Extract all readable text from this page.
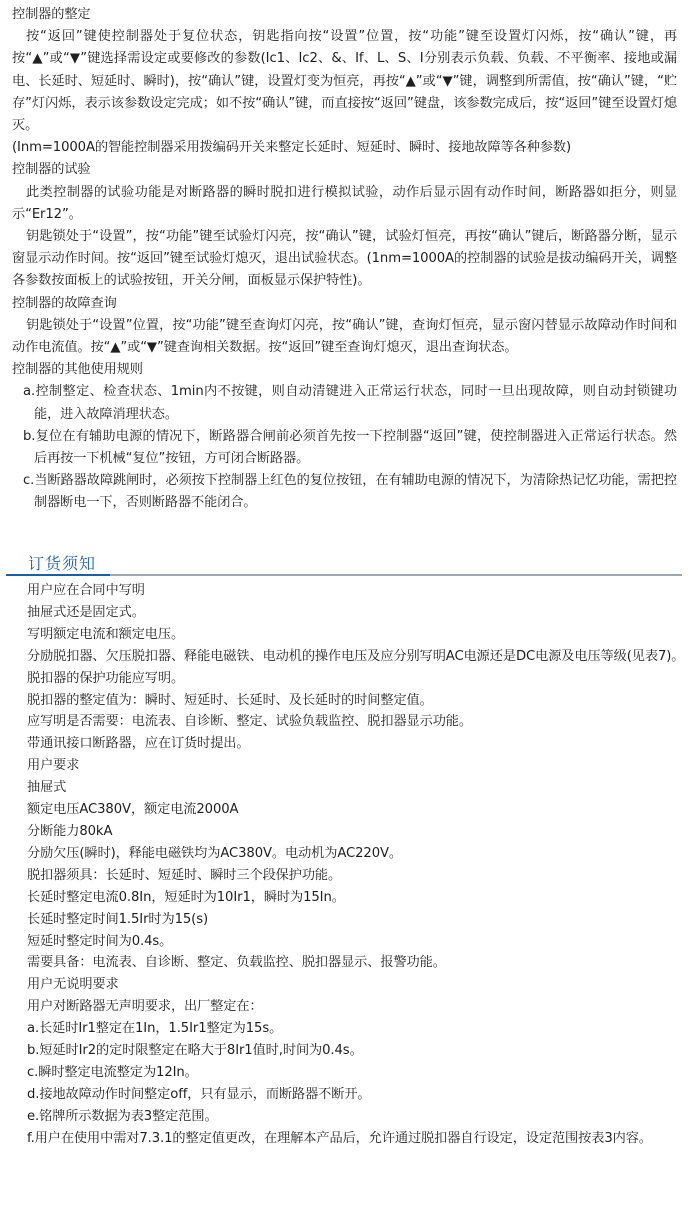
控制器的整定

按“返回”键使控制器处于复位状态，钥匙指向按“设置”位置，按“功能”键至设置灯闪烁，按“确认”键，再按“▲”或“▼”键选择需设定或要修改的参数(Ic1、Ic2、&、If、L、S、I分别表示负载、负载、不平衡率、接地或漏电、长延时、短延时、瞬时)，按“确认”键，设置灯变为恒亮，再按“▲”或“▼”键，调整到所需值，按“确认”键，“贮存”灯闪烁，表示该参数设定完成；如不按“确认”键，而直接按“返回”键盘，该参数完成后，按“返回”键至设置灯熄灭。

(Inm=1000A的智能控制器采用拨编码开关来整定长延时、短延时、瞬时、接地故障等各种参数)

控制器的试验

此类控制器的试验功能是对断路器的瞬时脱扣进行模拟试验，动作后显示固有动作时间，断路器如拒分，则显示“Er12”。

钥匙锁处于“设置”，按“功能”键至试验灯闪亮，按“确认”键，试验灯恒亮，再按“确认”键后，断路器分断，显示窗显示动作时间。按“返回”键至试验灯熄灭，退出试验状态。(1nm=1000A的控制器的试验是拔动编码开关，调整各参数按面板上的试验按钮，开关分闸，面板显示保护特性)。

控制器的故障查询

钥匙锁处于“设置”位置，按“功能”键至查询灯闪亮，按“确认”键，查询灯恒亮，显示窗闪替显示故障动作时间和动作电流值。按“▲”或“▼”键查询相关数据。按“返回”键至查询灯熄灭，退出查询状态。

控制器的其他使用规则

a.控制整定、检查状态、1min内不按键，则自动清键进入正常运行状态，同时一旦出现故障，则自动封锁键功能，进入故障消理状态。

b.复位在有辅助电源的情况下，断路器合闸前必须首先按一下控制器“返回”键，使控制器进入正常运行状态。然后再按一下机械“复位”按钮，方可闭合断路器。

c.当断路器故障跳闸时，必须按下控制器上红色的复位按钮，在有辅助电源的情况下，为清除热记忆功能，需把控制器断电一下，否则断路器不能闭合。

订货须知

用户应在合同中写明

抽屉式还是固定式。

写明额定电流和额定电压。

分励脱扣器、欠压脱扣器、释能电磁铁、电动机的操作电压及应分别写明AC电源还是DC电源及电压等级(见表7)。

脱扣器的保护功能应写明。

脱扣器的整定值为：瞬时、短延时、长延时、及长延时的时间整定值。

应写明是否需要：电流表、自诊断、整定、试验负载监控、脱扣器显示功能。

带通讯接口断路器，应在订货时提出。

用户要求

抽屉式

额定电压AC380V，额定电流2000A

分断能力80kA

分励欠压(瞬时)，释能电磁铁均为AC380V。电动机为AC220V。

脱扣器须具：长延时、短延时、瞬时三个段保护功能。

长延时整定电流0.8In，短延时为10Ir1，瞬时为15In。

长延时整定时间1.5Ir时为15(s)

短延时整定时间为0.4s。

需要具备：电流表、自诊断、整定、负载监控、脱扣器显示、报警功能。

用户无说明要求

用户对断路器无声明要求，出厂整定在：

a.长延时Ir1整定在1In，1.5Ir1整定为15s。

b.短延时Ir2的定时限整定在略大于8Ir1值时,时间为0.4s。

c.瞬时整定电流整定为12In。

d.接地故障动作时间整定off，只有显示，而断路器不断开。

e.铭牌所示数据为表3整定范围。

f.用户在使用中需对7.3.1的整定值更改，在理解本产品后，允许通过脱扣器自行设定，设定范围按表3内容。
